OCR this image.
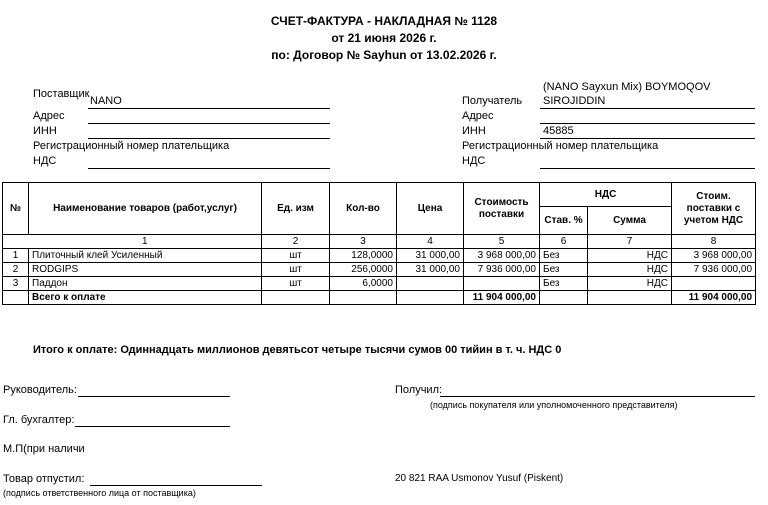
СЧЕТ-ФАКТУРА - НАКЛАДНАЯ № 1128
от 21 июня 2026 г.
по: Договор № Sayhun от 13.02.2026 г.
Поставщик
NANO
Адрес
ИНН
Регистрационный номер плательщика
НДС
(NANO Sayxun Mix) BOYMOQOV
Получатель SIROJIDDIN
Адрес
ИНН	45885
Регистрационный номер плательщика
НДС
№	Наименование товаров (работ,услуг)	Ед. изм	Кол-во	Цена	Стоимость поставки	НДС		Стоим. поставки с учетом НДС
						Став. %	Сумма	
	1	2	3	4	5	6	7	8
1	Плиточный клей Усиленный	шт	128,0000	31 000,00	3 968 000,00	Без	НДС	3 968 000,00
2	RODGIPS	шт	256,0000	31 000,00	7 936 000,00	Без	НДС	7 936 000,00
3	Паддон	шт	6,0000			Без	НДС	
	Всего к оплате				11 904 000,00			11 904 000,00
Итого к оплате: Одиннадцать миллионов девятьсот четыре тысячи сумов 00 тийин в т. ч. НДС 0
Руководитель:
Гл. бухгалтер:
М.П(при наличи
Товар отпустил:
(подпись ответственного лица от поставщика)
Получил:
(подпись покупателя или уполномоченного представителя)
20 821 RAA Usmonov Yusuf (Piskent)
